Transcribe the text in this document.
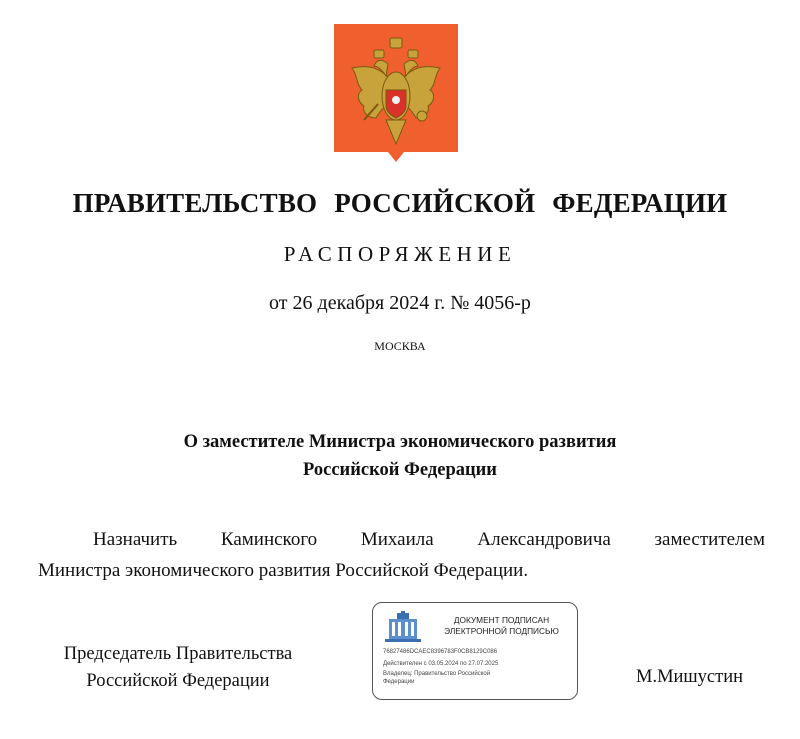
ПРАВИТЕЛЬСТВО РОССИЙСКОЙ ФЕДЕРАЦИИ
РАСПОРЯЖЕНИЕ
от 26 декабря 2024 г. № 4056-р
МОСКВА
О заместителе Министра экономического развития
Российской Федерации
Назначить Каминского Михаила Александровича заместителем
Министра экономического развития Российской Федерации.
Председатель Правительства
Российской Федерации
ДОКУМЕНТ ПОДПИСАН
ЭЛЕКТРОННОЙ ПОДПИСЬЮ
76827486DCAEC8396783F0CB8129C086
Действителен с 03.05.2024 по 27.07.2025
Владелец: Правительство Российской
Федерации	М.Мишустин
